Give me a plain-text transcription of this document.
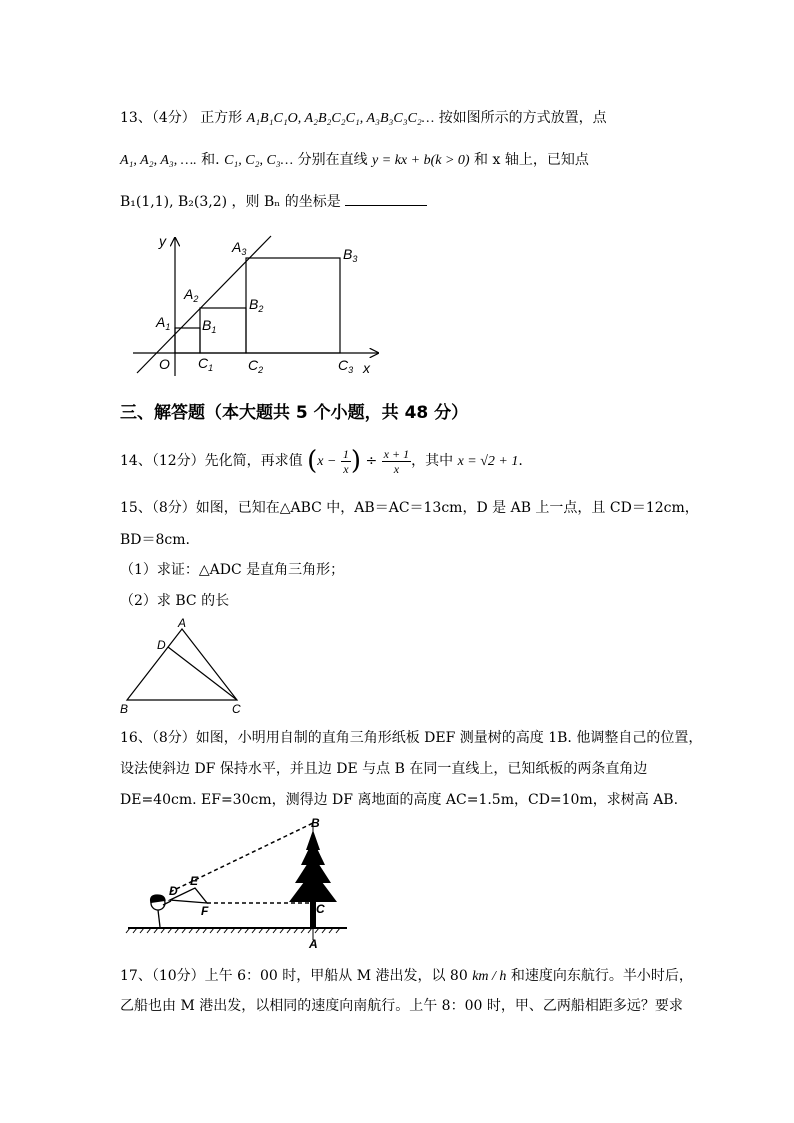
13、（4分） 正方形 A₁B₁C₁O, A₂B₂C₂C₁, A₃B₃C₃C₂… 按如图所示的方式放置，点
A₁, A₂, A₃, …. 和. C₁, C₂, C₃… 分别在直线 y = kx + b(k > 0) 和 x 轴上，已知点
B₁(1,1), B₂(3,2) ，则 Bₙ 的坐标是
y
x
O
$A_1$
$A_2$
$A_3$
$B_1$
$B_2$
$B_3$
$C_1$ $C_2$	$C_3$
三、解答题（本大题共 5 个小题，共 48 分）
14、（12分）先化简，再求值 ($x - \frac{1}{x}$ ) ÷ $\frac{x + 1}{x}$ ，其中 x = √2 + 1.
15、（8分）如图，已知在△ABC 中，AB＝AC＝13cm，D 是 AB 上一点，且 CD＝12cm，
BD＝8cm.
（1）求证：△ADC 是直角三角形；
（2）求 BC 的长
A
D
B	C
16、（8分）如图，小明用自制的直角三角形纸板 DEF 测量树的高度 1B. 他调整自己的位置，
设法使斜边 DF 保持水平，并且边 DE 与点 B 在同一直线上，已知纸板的两条直角边
DE=40cm. EF=30cm，测得边 DF 离地面的高度 AC=1.5m，CD=10m，求树高 AB.
B
E
D
F	C
A
17、（10分）上午 6：00 时，甲船从 M 港出发，以 80 km / h 和速度向东航行。半小时后，
乙船也由 M 港出发，以相同的速度向南航行。上午 8：00 时，甲、乙两船相距多远？要求
